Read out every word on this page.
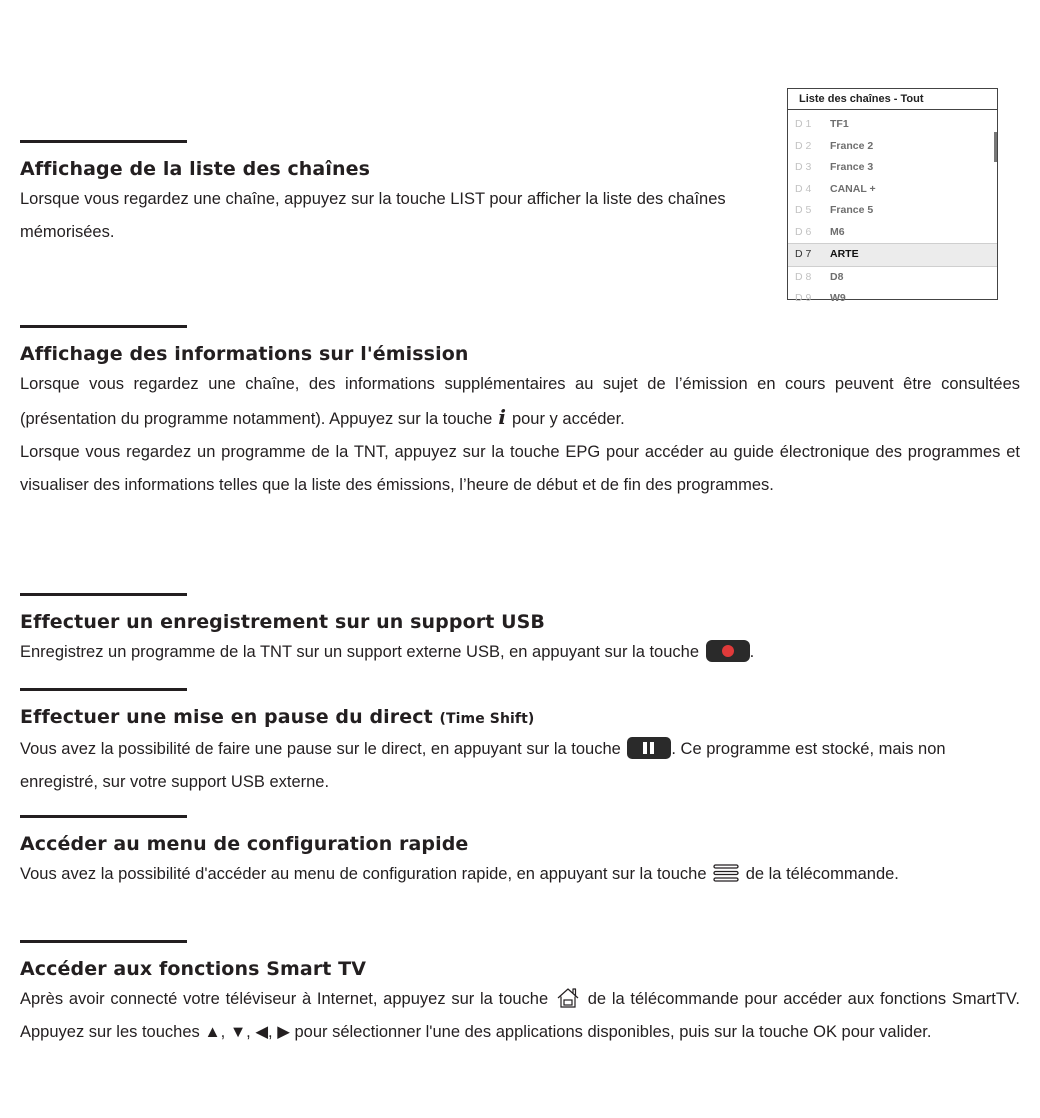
Affichage de la liste des chaînes
Lorsque vous regardez une chaîne, appuyez sur la touche LIST pour afficher la liste des chaînes mémorisées.
Liste des chaînes - Tout
D 1 TF1
D 2 France 2
D 3 France 3
D 4 CANAL +
D 5 France 5
D 6 M6
D 7 ARTE
D 8 D8
D 9 W9
Affichage des informations sur l'émission
Lorsque vous regardez une chaîne, des informations supplémentaires au sujet de l’émission en cours peuvent être consultées (présentation du programme notamment). Appuyez sur la touche i pour y accéder.
Lorsque vous regardez un programme de la TNT, appuyez sur la touche EPG pour accéder au guide électronique des programmes et visualiser des informations telles que la liste des émissions, l’heure de début et de fin des programmes.
Effectuer un enregistrement sur un support USB
Enregistrez un programme de la TNT sur un support externe USB, en appuyant sur la touche	.
Effectuer une mise en pause du direct (Time Shift)
Vous avez la possibilité de faire une pause sur le direct, en appuyant sur la touche	. Ce programme est stocké, mais non enregistré, sur votre support USB externe.
Accéder au menu de configuration rapide
Vous avez la possibilité d'accéder au menu de configuration rapide, en appuyant sur la touche de la télécommande.
Accéder aux fonctions Smart TV
Après avoir connecté votre téléviseur à Internet, appuyez sur la touche de la télécommande pour accéder aux fonctions SmartTV. Appuyez sur les touches ▲, ▼, ◀, ▶ pour sélectionner l'une des applications disponibles, puis sur la touche OK pour valider.
